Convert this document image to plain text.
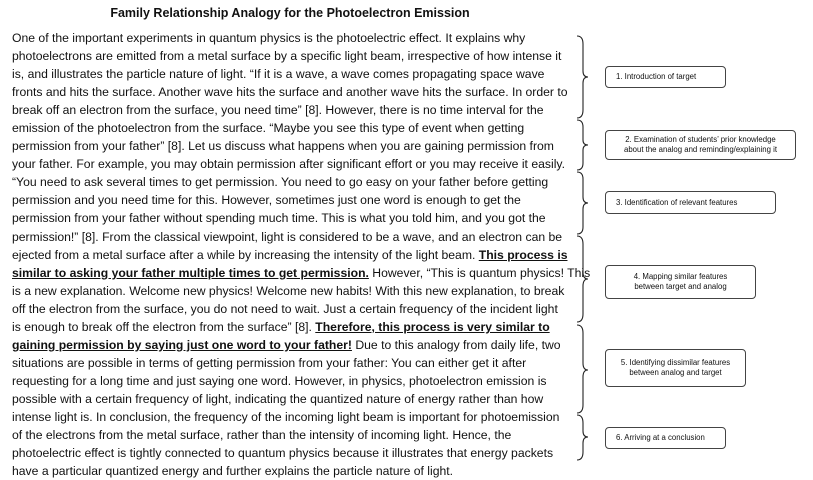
Family Relationship Analogy for the Photoelectron Emission

One of the important experiments in quantum physics is the photoelectric effect. It explains why
photoelectrons are emitted from a metal surface by a specific light beam, irrespective of how intense it
is, and illustrates the particle nature of light. “If it is a wave, a wave comes propagating space wave
fronts and hits the surface. Another wave hits the surface and another wave hits the surface. In order to
break off an electron from the surface, you need time” [8]. However, there is no time interval for the
emission of the photoelectron from the surface. “Maybe you see this type of event when getting
permission from your father” [8]. Let us discuss what happens when you are gaining permission from
your father. For example, you may obtain permission after significant effort or you may receive it easily.
“You need to ask several times to get permission. You need to go easy on your father before getting
permission and you need time for this. However, sometimes just one word is enough to get the
permission from your father without spending much time. This is what you told him, and you got the
permission!” [8]. From the classical viewpoint, light is considered to be a wave, and an electron can be
ejected from a metal surface after a while by increasing the intensity of the light beam. This process is
similar to asking your father multiple times to get permission. However, “This is quantum physics! This
is a new explanation. Welcome new physics! Welcome new habits! With this new explanation, to break
off the electron from the surface, you do not need to wait. Just a certain frequency of the incident light
is enough to break off the electron from the surface” [8]. Therefore, this process is very similar to
gaining permission by saying just one word to your father! Due to this analogy from daily life, two
situations are possible in terms of getting permission from your father: You can either get it after
requesting for a long time and just saying one word. However, in physics, photoelectron emission is
possible with a certain frequency of light, indicating the quantized nature of energy rather than how
intense light is. In conclusion, the frequency of the incoming light beam is important for photoemission
of the electrons from the metal surface, rather than the intensity of incoming light. Hence, the
photoelectric effect is tightly connected to quantum physics because it illustrates that energy packets
have a particular quantized energy and further explains the particle nature of light.

1. Introduction of target
2. Examination of students’ prior knowledge
about the analog and reminding/explaining it
3. Identification of relevant features
4. Mapping similar features
between target and analog
5. Identifying dissimilar features
between analog and target
6. Arriving at a conclusion
